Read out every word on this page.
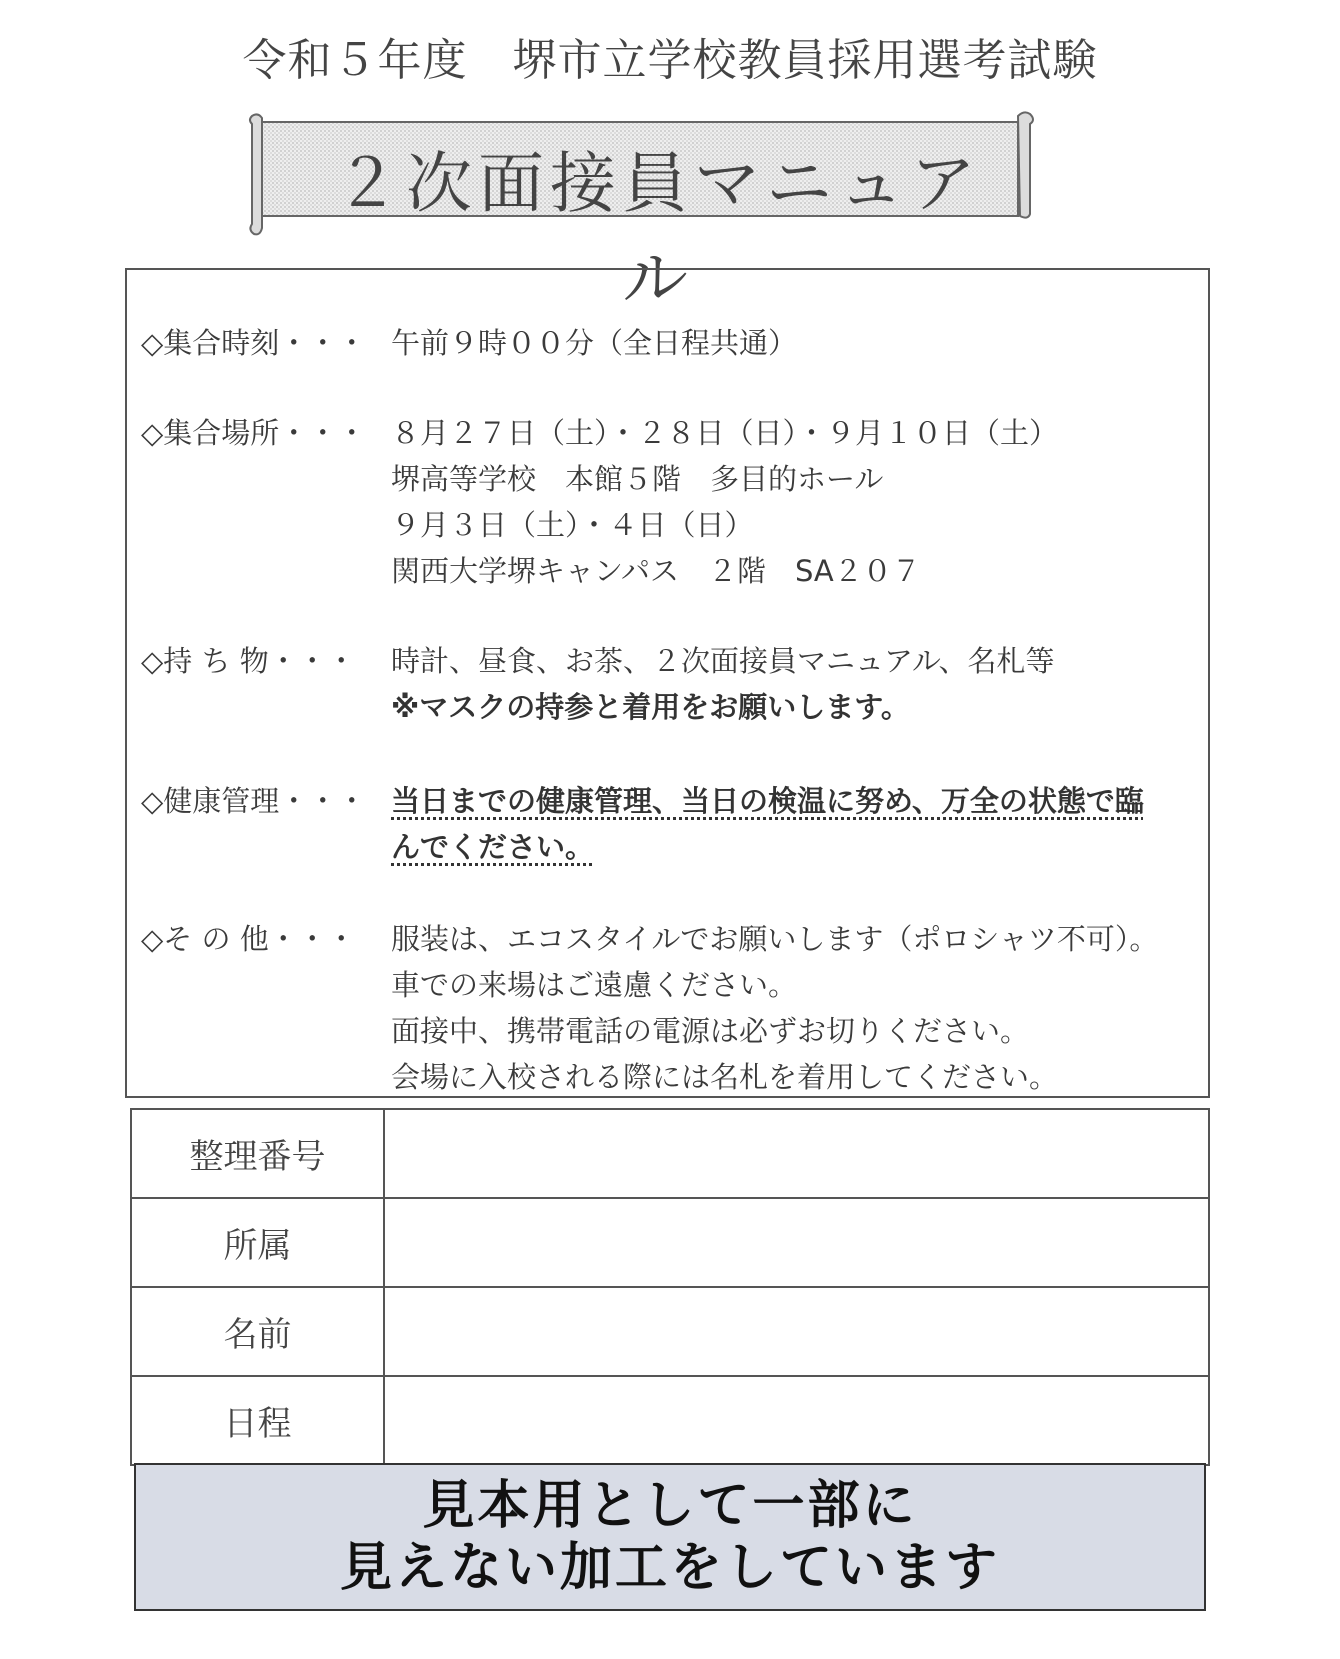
令和５年度　堺市立学校教員採用選考試験
２次面接員マニュアル
◇集合時刻・・・ 午前９時００分（全日程共通）
◇集合場所・・・ ８月２７日（土）・２８日（日）・９月１０日（土）
堺高等学校　本館５階　多目的ホール
９月３日（土）・４日（日）
関西大学堺キャンパス　２階　SA２０７
◇持 ち 物・・・ 時計、昼食、お茶、２次面接員マニュアル、名札等
※マスクの持参と着用をお願いします。
◇健康管理・・・ 当日までの健康管理、当日の検温に努め、万全の状態で臨
んでください。
◇そ の 他・・・ 服装は、エコスタイルでお願いします（ポロシャツ不可）。
車での来場はご遠慮ください。
面接中、携帯電話の電源は必ずお切りください。
会場に入校される際には名札を着用してください。
整理番号	
所属	
名前	
日程	
見本用として一部に
見えない加工をしています
